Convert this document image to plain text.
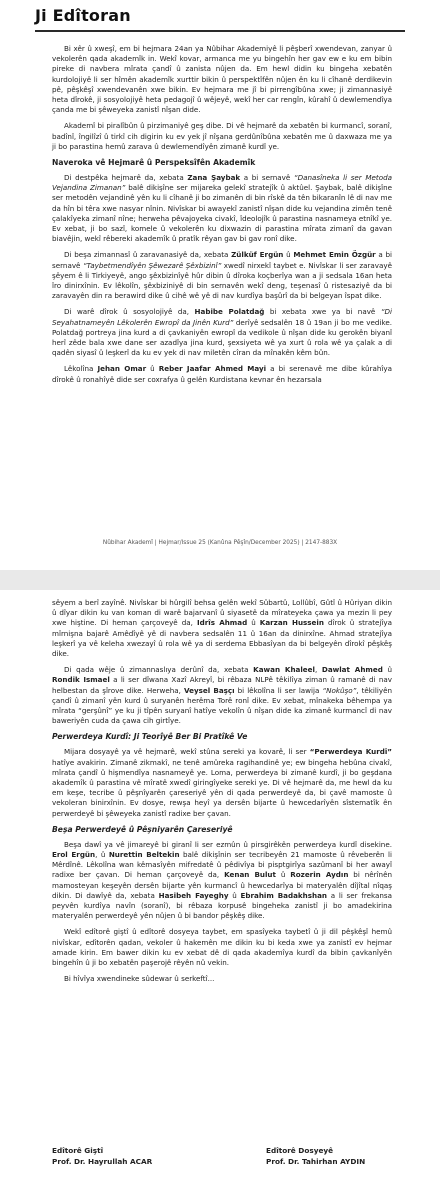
Ji Edîtoran

Bi xêr û xweşî, em bi hejmara 24an ya Nûbihar Akademiyê li pêşberî xwendevan, zanyar û vekolerên qada akademîk in. Wekî kovar, armanca me yu bingehîn her gav ew e ku em bibin pireke di navbera mîrata çandî û zanista nûjen da. Em hewl didin ku bingeha xebatên kurdolojiyê li ser hîmên akademîk xurttir bikin û perspektîfên nûjen ên ku li cîhanê derdikevin pê, pêşkêşî xwendevanên xwe bikin. Ev hejmara me jî bi pirrengîbûna xwe; ji zimannasiyê heta dîrokê, ji sosyolojiyê heta pedagojî û wêjeyê, wekî her car rengîn, kûrahî û dewlemendîya çanda me bi şêweyeka zanistî nîşan dide.

Akademî bi piralîbûn û pirzimaniyê geş dibe. Di vê hejmarê da xebatên bi kurmancî, soranî, badînî, îngilîzî û tirkî cih digirin ku ev yek jî nîşana gerdûnîbûna xebatên me û daxwaza me ya ji bo parastina hemû zarava û dewlemendîyên zimanê kurdî ye.

Naveroka vê Hejmarê û Perspeksîfên Akademîk

Di destpêka hejmarê da, xebata Zana Şaybak a bi sernavê “Danasîneka li ser Metoda Vejandina Zimanan” balê dikişîne ser mijareka gelekî stratejîk û aktûel. Şaybak, balê dikişîne ser metodên vejandinê yên ku li cîhanê ji bo zimanên di bin rîskê da tên bikaranîn lê di nav me da hîn bi têra xwe nasyar nînin. Nivîskar bi awayekî zanistî nîşan dide ku vejandina zimên tenê çalakîyeka zimanî nîne; herweha pêvajoyeka civakî, îdeolojîk û parastina nasnameya etnîkî ye. Ev xebat, ji bo sazî, komele û vekolerên ku dixwazin di parastina mîrata zimanî da gavan biavêjin, wekî rêbereki akademîk û pratîk rêyan gav bi gav ronî dike.

Di beşa zimannasî û zaravanasiyê da, xebata Zülküf Ergün û Mehmet Emin Özgür a bi sernavê “Taybetmendîyên Şêwezarê Şêxbizinî” xwedî nirxekî taybet e. Nivîskar li ser zaravayê şêyem ê li Tirkiyeyê, ango şêxbizinîyê hûr dibin û dîroka koçberîya wan a ji sedsala 16an heta îro dinirxînin. Ev lêkolîn, şêxbiziniyê di bin sernavên wekî deng, teşenasî û ristesaziyê da bi zaravayên din ra berawird dike û cihê wê yê di nav kurdîya başûrî da bi belgeyan îspat dike.

Di warê dîrok û sosyolojiyê da, Habibe Polatdağ bi xebata xwe ya bi navê “Di Seyahatnameyên Lêkolerên Ewropî da Jinên Kurd” derîyê sedsalên 18 û 19an ji bo me vedike. Polatdağ portreya jina kurd a di çavkaniyên ewropî da vedikole û nîşan dide ku gerokên biyanî herî zêde bala xwe dane ser azadîya jina kurd, şexsiyeta wê ya xurt û rola wê ya çalak a di qadên siyasî û leşkerî da ku ev yek di nav miletên cîran da mînakên kêm bûn.

Lêkolîna Jehan Omar û Reber Jaafar Ahmed Mayi a bi serenavê me dibe kûrahîya dîrokê û ronahîyê dide ser coxrafya û gelên Kurdistana kevnar ên hezarsala

Nûbihar Akademî | Hejmar/Issue 25 (Kanûna Pêşîn/December 2025) | 2147-883X

sêyem a berî zayînê. Nivîskar bi hûrgilî behsa gelên wekî Sûbartû, Lollûbî, Gûtî û Hûriyan dikin û dîyar dikin ku van koman di warê bajarvanî û siyasetê da mîrateyeka çawa ya mezin li pey xwe hiştine. Di heman çarçoveyê da, Idrîs Ahmad û Karzan Hussein dîrok û stratejîya mîrnişna bajarê Amêdîyê yê di navbera sedsalên 11 û 16an da dinirxîne. Ahmad stratejîya leşkerî ya vê keleha xwezayî û rola wê ya di serdema Ebbasîyan da bi belgeyên dîrokî pêşkêş dike.

Di qada wêje û zimannaslıya derûnî da, xebata Kawan Khaleel, Dawlat Ahmed û Rondik Ismael a li ser dîwana Xazî Akreyî, bi rêbaza NLPê têkilîya ziman û ramanê di nav helbestan da şîrove dike. Herweha, Veysel Başçı bi lêkolîna li ser lawija “Nokûşo”, têkiliyên çandî û zimanî yên kurd û suryanên herêma Torê ronî dike. Ev xebat, mînakeka bêhempa ya mîrata “gerşûnî” ye ku ji tîpên suryanî hatîye vekolîn û nîşan dide ka zimanê kurmancî di nav baweriyên cuda da çawa cih girtîye.

Perwerdeya Kurdî: Ji Teorîyê Ber Bi Pratîkê Ve

Mijara dosyayê ya vê hejmarê, wekî stûna sereki ya kovarê, li ser “Perwerdeya Kurdî” hatîye avakirin. Zimanê zikmakî, ne tenê amûreka ragihandinê ye; ew bingeha hebûna civakî, mîrata çandî û hişmendîya nasnameyê ye. Loma, perwerdeya bi zimanê kurdî, ji bo geşdana akademîk û parastina vê mîratê xwedî giringîyeke sereki ye. Di vê hejmarê da, me hewl da ku em keşe, tecribe û pêşnîyarên çareseriyê yên di qada perwerdeyê da, bi çavê mamoste û vekoleran binirxînin. Ev dosye, rewşa heyî ya dersên bijarte û hewcedarîyên sîstematîk ên perwerdeyê bi şêweyeka zanistî radixe ber çavan.

Beşa Perwerdeyê û Pêşniyarên Çareseriyê

Beşa dawî ya vê jimareyê bi giranî li ser ezmûn û pirsgirêkên perwerdeya kurdî disekine. Erol Ergün, û Nurettin Beltekin balê dikişînin ser tecribeyên 21 mamoste û rêveberên li Mêrdînê. Lêkolîna wan kêmasîyên mifredatê û pêdivîya bi pisptgirîya sazûmanî bi her awayî radixe ber çavan. Di heman çarçoveyê da, Kenan Bulut û Rozerin Aydın bi nêrînên mamosteyan keşeyên dersên bijarte yên kurmancî û hewcedarîya bi materyalên dîjîtal nîqaş dikin. Di dawîyê da, xebata Hasibeh Fayeghy û Ebrahim Badakhshan a li ser frekansa peyvên kurdîya navîn (soranî), bi rêbaza korpusê bingeheka zanistî ji bo amadekirina materyalên perwerdeyê yên nûjen û bi bandor pêşkêş dike.

Wekî edîtorê giştî û edîtorê dosyeya taybet, em spasîyeka taybetî û ji dil pêşkêşî hemû nivîskar, edîtorên qadan, vekoler û hakemên me dikin ku bi keda xwe ya zanistî ev hejmar amade kirin. Em bawer dikin ku ev xebat dê di qada akademîya kurdî da bibin çavkanîyên bingehîn û ji bo xebatên paşerojê rêyên nû vekin.

Bi hîvîya xwendineke sûdewar û serkeftî...

Edîtorê Giştî
Prof. Dr. Hayrullah ACAR
Edîtorê Dosyeyê
Prof. Dr. Tahirhan AYDIN
